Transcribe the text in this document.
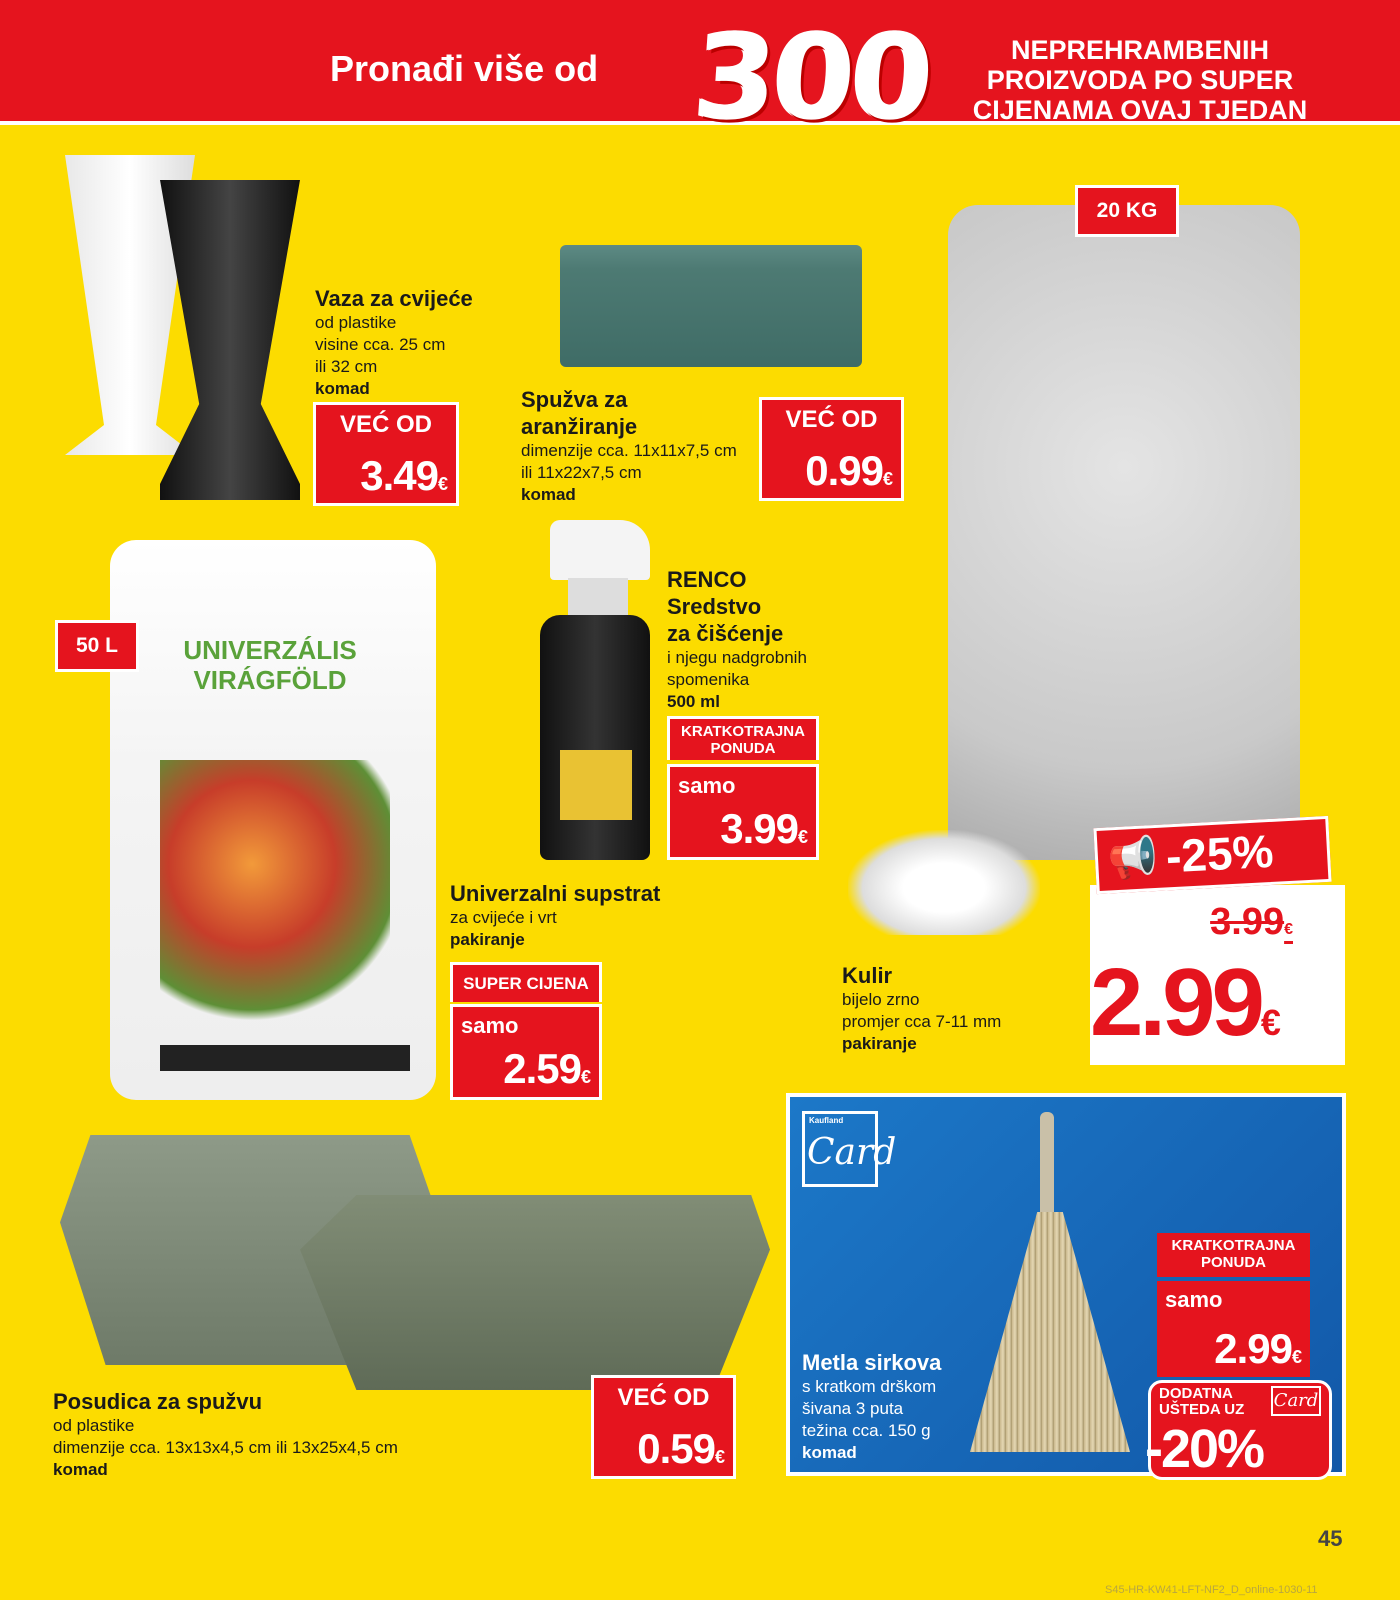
Pronađi više od 300	NEPREHRAMBENIH
PROIZVODA PO SUPER
CIJENAMA OVAJ TJEDAN
Vaza za cvijeće
od plastike
visine cca. 25 cm
ili 32 cm
komad
VEĆ OD
3.49€
Spužva za
aranžiranje
dimenzije cca. 11x11x7,5 cm
ili 11x22x7,5 cm
komad
VEĆ OD
0.99€
20 KG
Kulir
bijelo zrno
promjer cca 7-11 mm
pakiranje
3.99€
2.99€
📢 -25%
RENCO
Sredstvo
za čišćenje
i njegu nadgrobnih
spomenika
500 ml
KRATKOTRAJNA
PONUDA
samo
3.99€
UNIVERZÁLIS
VIRÁGFÖLD
50 L
Univerzalni supstrat
za cvijeće i vrt
pakiranje
SUPER CIJENA
samo
2.59€
Posudica za spužvu
od plastike
dimenzije cca. 13x13x4,5 cm ili 13x25x4,5 cm
komad
VEĆ OD
0.59€
Kaufland
Card
Metla sirkova
s kratkom drškom
šivana 3 puta
težina cca. 150 g
komad
KRATKOTRAJNA
PONUDA
samo
2.99€
DODATNA
UŠTEDA UZ Card
-20%
45
S45-HR-KW41-LFT-NF2_D_online-1030-11
